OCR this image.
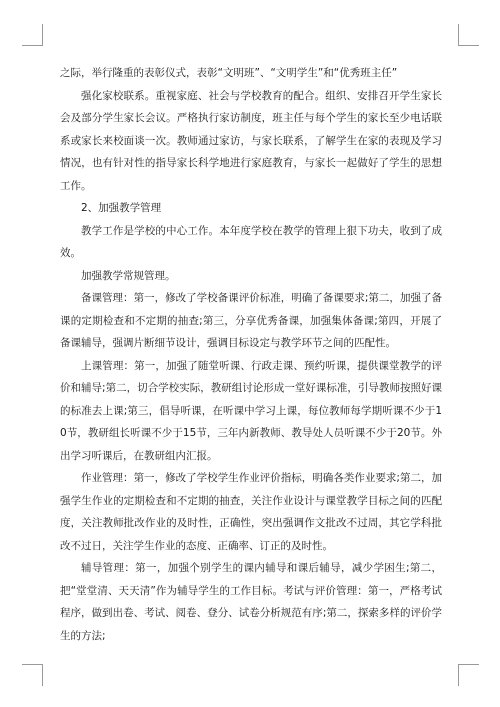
之际，举行隆重的表彰仪式，表彰“文明班”、“文明学生”和“优秀班主任”

强化家校联系。重视家庭、社会与学校教育的配合。组织、安排召开学生家长会及部分学生家长会议。严格执行家访制度，班主任与每个学生的家长至少电话联系或家长来校面谈一次。教师通过家访，与家长联系，了解学生在家的表现及学习情况，也有针对性的指导家长科学地进行家庭教育，与家长一起做好了学生的思想工作。

2、加强教学管理

教学工作是学校的中心工作。本年度学校在教学的管理上狠下功夫，收到了成效。

加强教学常规管理。

备课管理：第一，修改了学校备课评价标准，明确了备课要求;第二，加强了备课的定期检查和不定期的抽查;第三，分享优秀备课，加强集体备课;第四，开展了备课辅导，强调片断细节设计，强调目标设定与教学环节之间的匹配性。

上课管理：第一，加强了随堂听课、行政走课、预约听课，提供课堂教学的评价和辅导;第二，切合学校实际，教研组讨论形成一堂好课标准，引导教师按照好课的标准去上课;第三，倡导听课，在听课中学习上课，每位教师每学期听课不少于10节，教研组长听课不少于15节，三年内新教师、教导处人员听课不少于20节。外出学习听课后，在教研组内汇报。

作业管理：第一，修改了学校学生作业评价指标，明确各类作业要求;第二，加强学生作业的定期检查和不定期的抽查，关注作业设计与课堂教学目标之间的匹配度，关注教师批改作业的及时性，正确性，突出强调作文批改不过周，其它学科批改不过日，关注学生作业的态度、正确率、订正的及时性。

辅导管理：第一，加强个别学生的课内辅导和课后辅导，减少学困生;第二，把“堂堂清、天天清”作为辅导学生的工作目标。考试与评价管理：第一，严格考试程序，做到出卷、考试、阅卷、登分、试卷分析规范有序;第二，探索多样的评价学生的方法;
